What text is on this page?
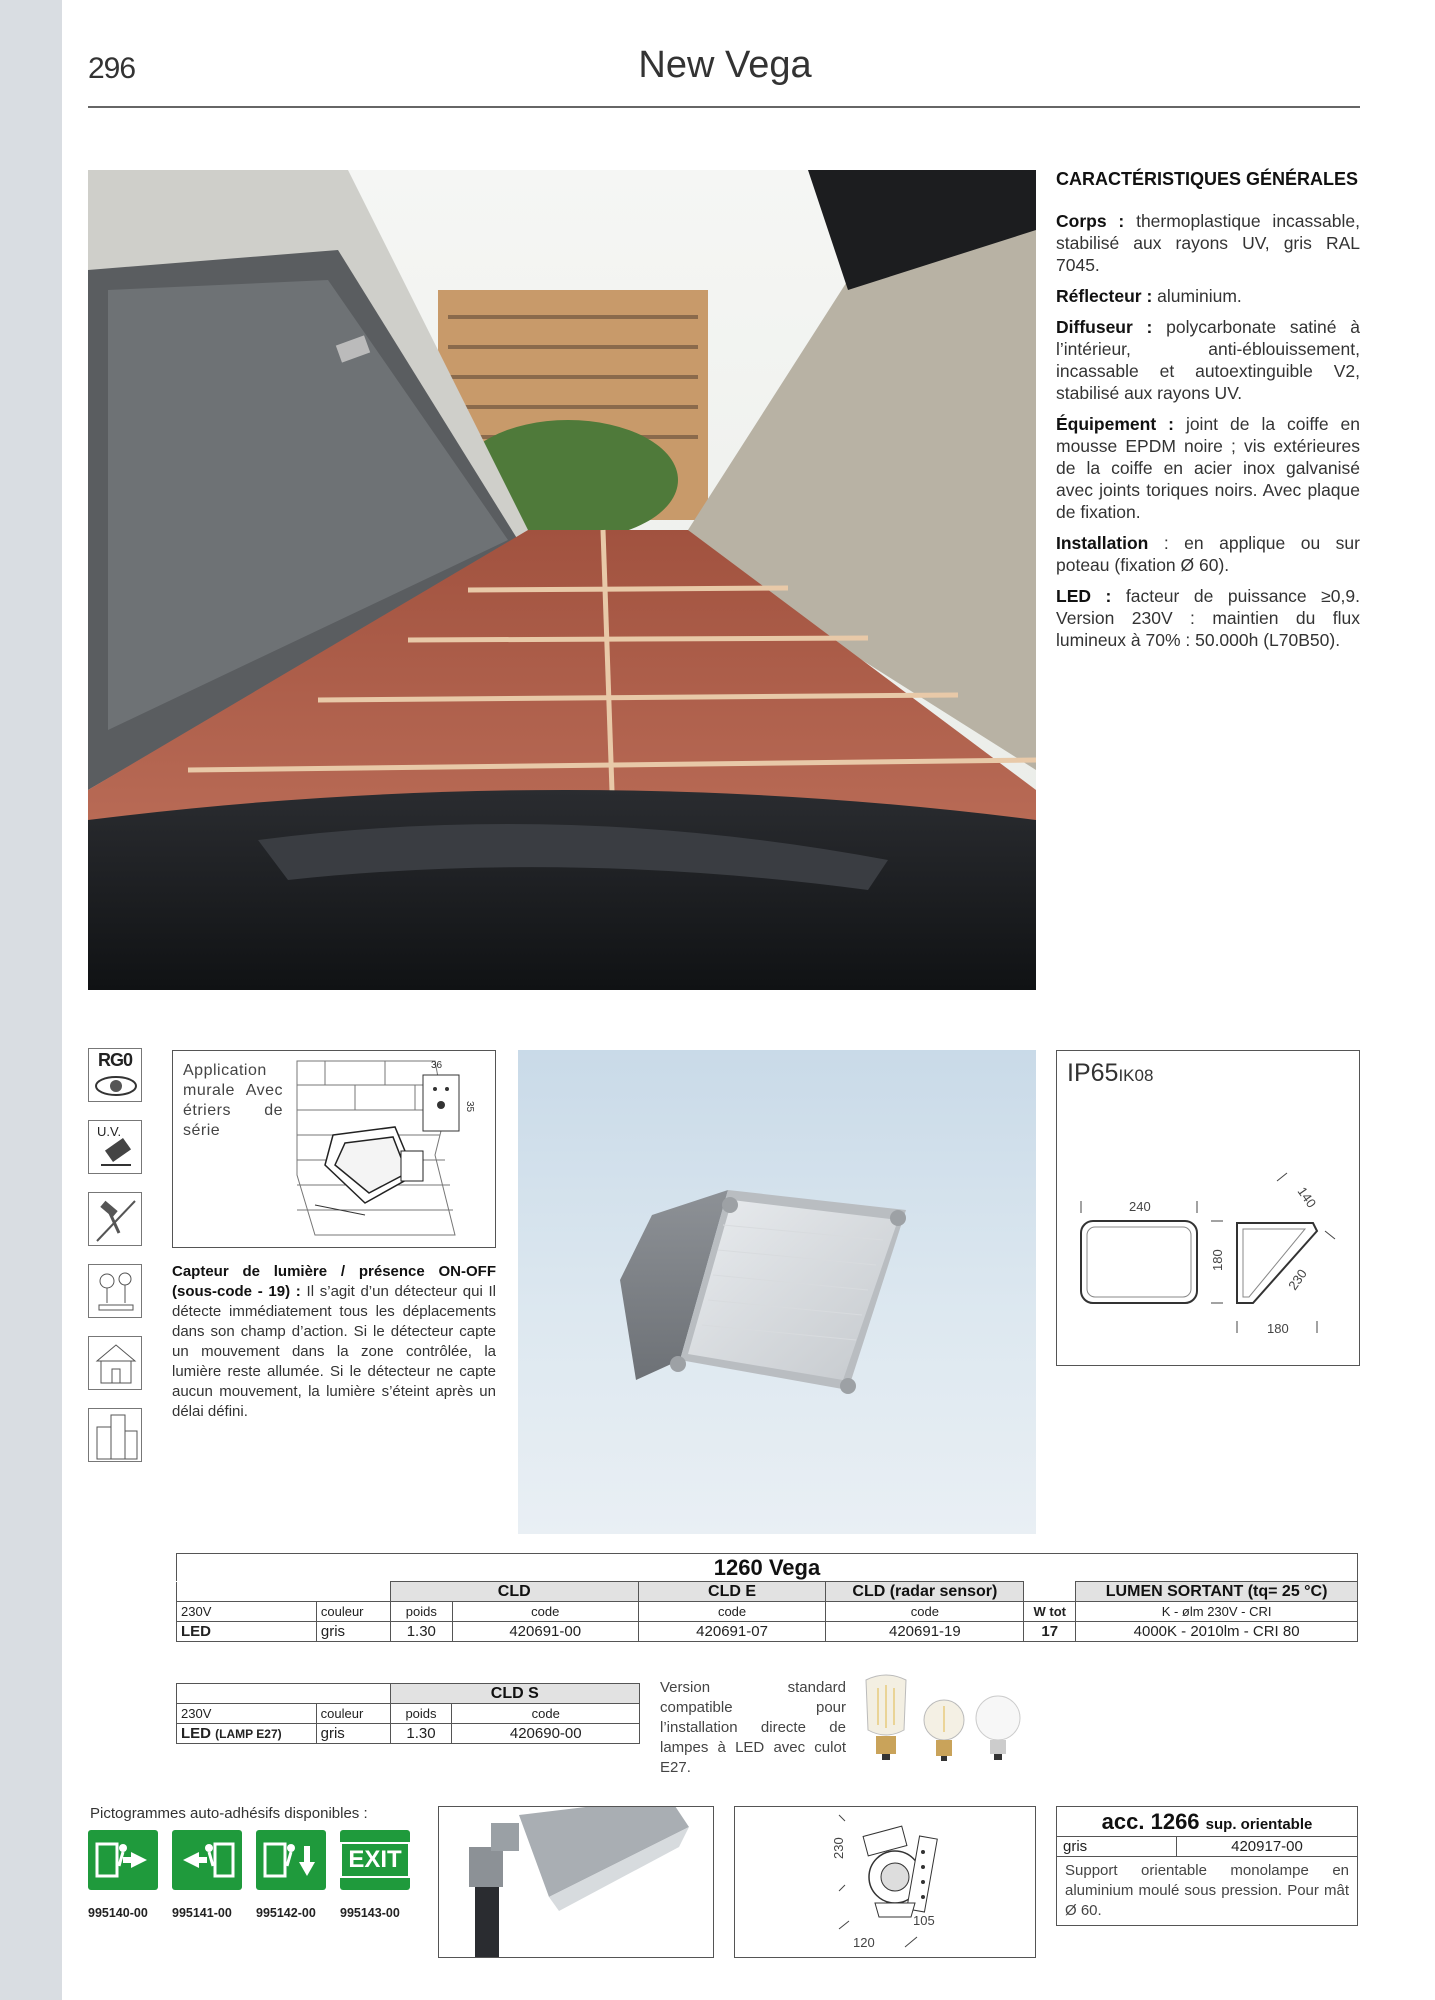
296	New Vega
CARACTÉRISTIQUES GÉNÉRALES

Corps : thermoplastique incassable, stabilisé aux rayons UV, gris RAL 7045.

Réflecteur : aluminium.

Diffuseur : polycarbonate satiné à l’intérieur, anti-éblouissement, incassable et autoextinguible V2, stabilisé aux rayons UV.

Équipement : joint de la coiffe en mousse EPDM noire ; vis extérieures de la coiffe en acier inox galvanisé avec joints toriques noirs. Avec plaque de fixation.

Installation : en applique ou sur poteau (fixation Ø 60).

LED : facteur de puissance ≥0,9. Version 230V : maintien du flux lumineux à 70% : 50.000h (L70B50).

RG0
U.V.
Application murale Avec étriers de série
36
35
Capteur de lumière / présence ON-OFF (sous-code - 19) : Il s’agit d’un détecteur qui Il détecte immédiatement tous les déplacements dans son champ d’action. Si le détecteur capte un mouvement dans la zone contrôlée, la lumière reste allumée. Si le détecteur ne capte aucun mouvement, la lumière s’éteint après un délai défini.
IP65IK08
240
180
140
230
180
1260 Vega
		CLD		CLD E	CLD (radar sensor)		LUMEN SORTANT (tq= 25 °C)
230V	couleur	poids	code	code	code	W tot	K - ølm 230V - CRI
LED	gris	1.30	420691-00	420691-07	420691-19	17	4000K - 2010lm - CRI 80
		CLD S	
230V	couleur	poids	code
LED (LAMP E27)	gris	1.30	420690-00
Version standard compatible pour l’installation directe de lampes à LED avec culot E27.
Pictogrammes auto-adhésifs disponibles :
EXIT
995140-00 995141-00 995142-00 995143-00
230
120
105
acc. 1266 sup. orientable
gris	420917-00
Support orientable monolampe en aluminium moulé sous pression. Pour mât Ø 60.
